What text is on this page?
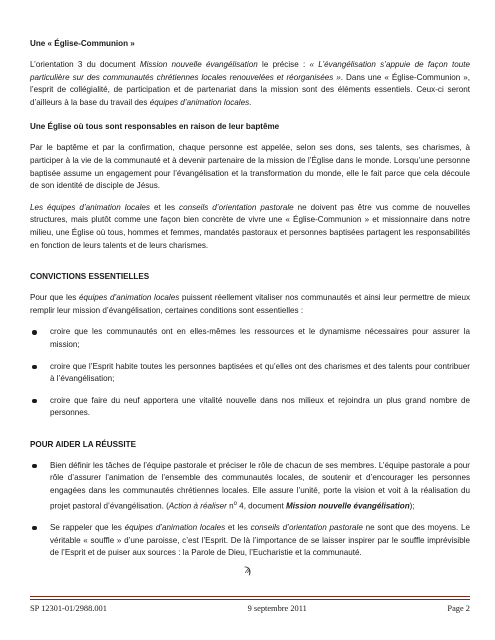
Une « Église-Communion »

L’orientation 3 du document Mission nouvelle évangélisation le précise : « L’évangélisation s’appuie de façon toute particulière sur des communautés chrétiennes locales renouvelées et réorganisées ». Dans une « Église-Communion », l’esprit de collégialité, de participation et de partenariat dans la mission sont des éléments essentiels. Ceux-ci seront d’ailleurs à la base du travail des équipes d’animation locales.

Une Église où tous sont responsables en raison de leur baptême

Par le baptême et par la confirmation, chaque personne est appelée, selon ses dons, ses talents, ses charismes, à participer à la vie de la communauté et à devenir partenaire de la mission de l’Église dans le monde. Lorsqu’une personne baptisée assume un engagement pour l’évangélisation et la transformation du monde, elle le fait parce que cela découle de son identité de disciple de Jésus.

Les équipes d’animation locales et les conseils d’orientation pastorale ne doivent pas être vus comme de nouvelles structures, mais plutôt comme une façon bien concrète de vivre une « Église-Communion » et missionnaire dans notre milieu, une Église où tous, hommes et femmes, mandatés pastoraux et personnes baptisées partagent les responsabilités en fonction de leurs talents et de leurs charismes.

CONVICTIONS ESSENTIELLES

Pour que les équipes d’animation locales puissent réellement vitaliser nos communautés et ainsi leur permettre de mieux remplir leur mission d’évangélisation, certaines conditions sont essentielles :

croire que les communautés ont en elles-mêmes les ressources et le dynamisme nécessaires pour assurer la mission;
croire que l’Esprit habite toutes les personnes baptisées et qu’elles ont des charismes et des talents pour contribuer à l’évangélisation;
croire que faire du neuf apportera une vitalité nouvelle dans nos milieux et rejoindra un plus grand nombre de personnes.
POUR AIDER LA RÉUSSITE
Bien définir les tâches de l’équipe pastorale et préciser le rôle de chacun de ses membres. L’équipe pastorale a pour rôle d’assurer l’animation de l’ensemble des communautés locales, de soutenir et d’encourager les personnes engagées dans les communautés chrétiennes locales. Elle assure l’unité, porte la vision et voit à la réalisation du projet pastoral d’évangélisation. (Action à réaliser $n^o$ 4, document Mission nouvelle évangélisation);
Se rappeler que les équipes d’animation locales et les conseils d’orientation pastorale ne sont que des moyens. Le véritable « souffle » d’une paroisse, c’est l’Esprit. De là l’importance de se laisser inspirer par le souffle imprévisible de l’Esprit et de puiser aux sources : la Parole de Dieu, l’Eucharistie et la communauté.
ϡ
SP 12301-01/2988.001	9 septembre 2011	Page 2
